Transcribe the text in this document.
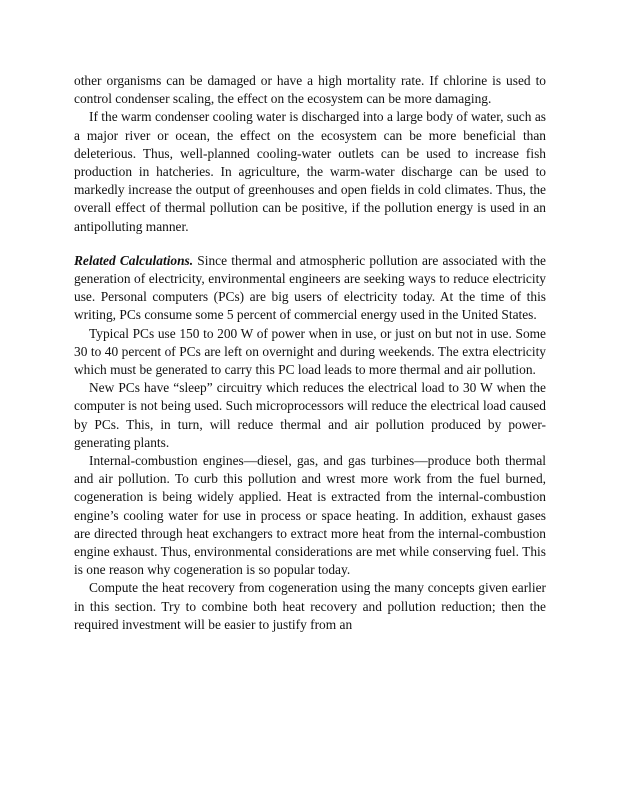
other organisms can be damaged or have a high mortality rate. If chlorine is used to control condenser scaling, the effect on the ecosystem can be more damaging.

If the warm condenser cooling water is discharged into a large body of water, such as a major river or ocean, the effect on the ecosystem can be more beneficial than deleterious. Thus, well-planned cooling-water outlets can be used to increase fish production in hatcheries. In agriculture, the warm-water discharge can be used to markedly increase the output of greenhouses and open fields in cold climates. Thus, the overall effect of thermal pollution can be positive, if the pollution energy is used in an antipolluting manner.

Related Calculations. Since thermal and atmospheric pollution are associated with the generation of electricity, environmental engineers are seeking ways to reduce electricity use. Personal computers (PCs) are big users of electricity today. At the time of this writing, PCs consume some 5 percent of commercial energy used in the United States.

Typical PCs use 150 to 200 W of power when in use, or just on but not in use. Some 30 to 40 percent of PCs are left on overnight and during weekends. The extra electricity which must be generated to carry this PC load leads to more thermal and air pollution.

New PCs have “sleep” circuitry which reduces the electrical load to 30 W when the computer is not being used. Such microprocessors will reduce the electrical load caused by PCs. This, in turn, will reduce thermal and air pollution produced by power-generating plants.

Internal-combustion engines—diesel, gas, and gas turbines—produce both thermal and air pollution. To curb this pollution and wrest more work from the fuel burned, cogeneration is being widely applied. Heat is extracted from the internal-combustion engine’s cooling water for use in process or space heating. In addition, exhaust gases are directed through heat exchangers to extract more heat from the internal-combustion engine exhaust. Thus, environmental considerations are met while conserving fuel. This is one reason why cogeneration is so popular today.

Compute the heat recovery from cogeneration using the many concepts given earlier in this section. Try to combine both heat recovery and pollution reduction; then the required investment will be easier to justify from an
